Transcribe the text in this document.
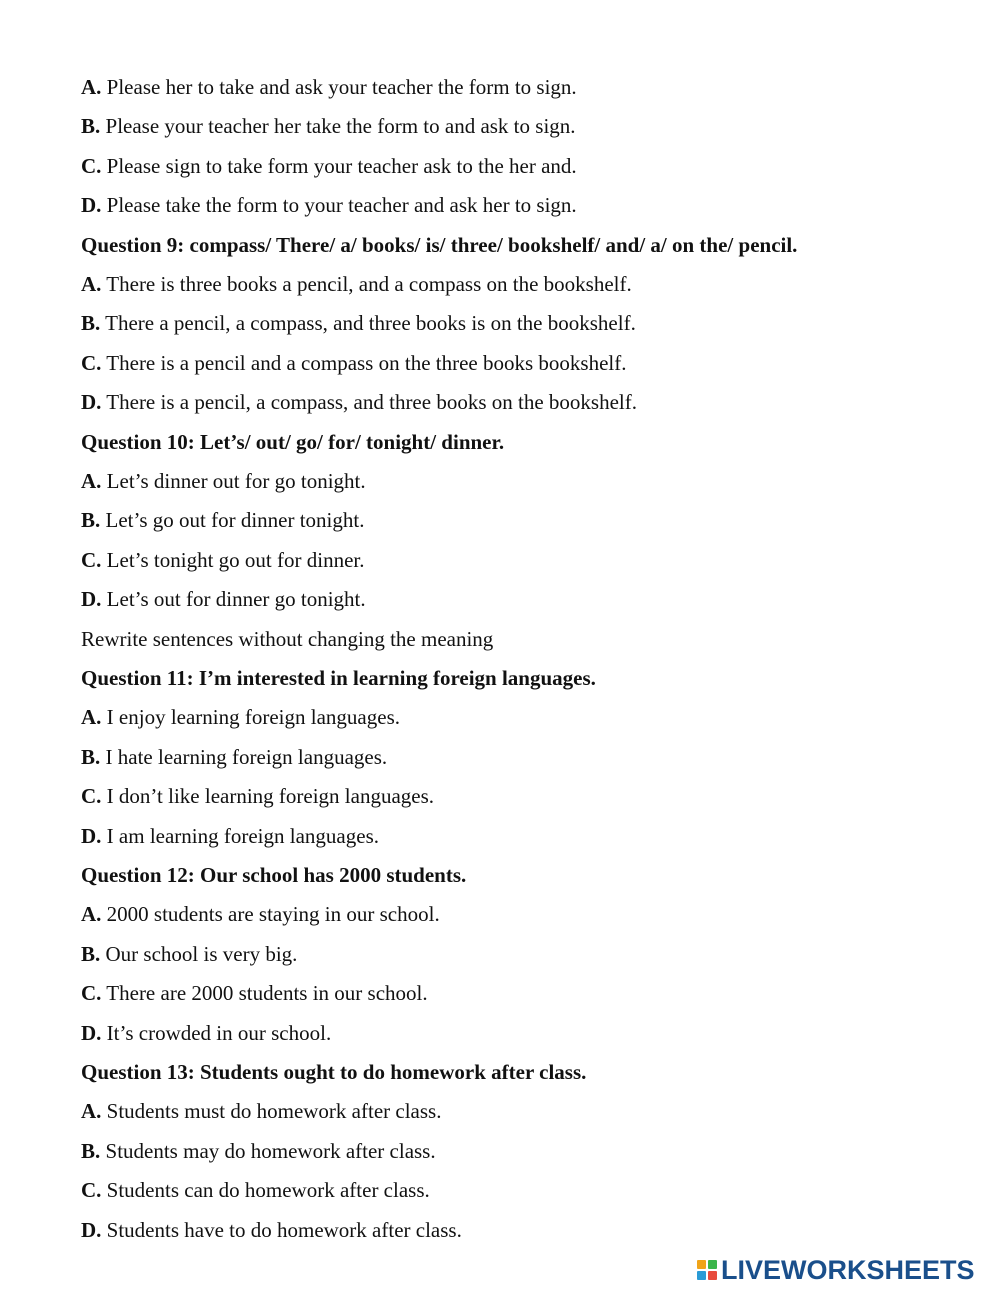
A. Please her to take and ask your teacher the form to sign.
B. Please your teacher her take the form to and ask to sign.
C. Please sign to take form your teacher ask to the her and.
D. Please take the form to your teacher and ask her to sign.
Question 9: compass/ There/ a/ books/ is/ three/ bookshelf/ and/ a/ on the/ pencil.
A. There is three books a pencil, and a compass on the bookshelf.
B. There a pencil, a compass, and three books is on the bookshelf.
C. There is a pencil and a compass on the three books bookshelf.
D. There is a pencil, a compass, and three books on the bookshelf.
Question 10: Let’s/ out/ go/ for/ tonight/ dinner.
A. Let’s dinner out for go tonight.
B. Let’s go out for dinner tonight.
C. Let’s tonight go out for dinner.
D. Let’s out for dinner go tonight.
Rewrite sentences without changing the meaning
Question 11: I’m interested in learning foreign languages.
A. I enjoy learning foreign languages.
B. I hate learning foreign languages.
C. I don’t like learning foreign languages.
D. I am learning foreign languages.
Question 12: Our school has 2000 students.
A. 2000 students are staying in our school.
B. Our school is very big.
C. There are 2000 students in our school.
D. It’s crowded in our school.
Question 13: Students ought to do homework after class.
A. Students must do homework after class.
B. Students may do homework after class.
C. Students can do homework after class.
D. Students have to do homework after class.
LIVEWORKSHEETS
